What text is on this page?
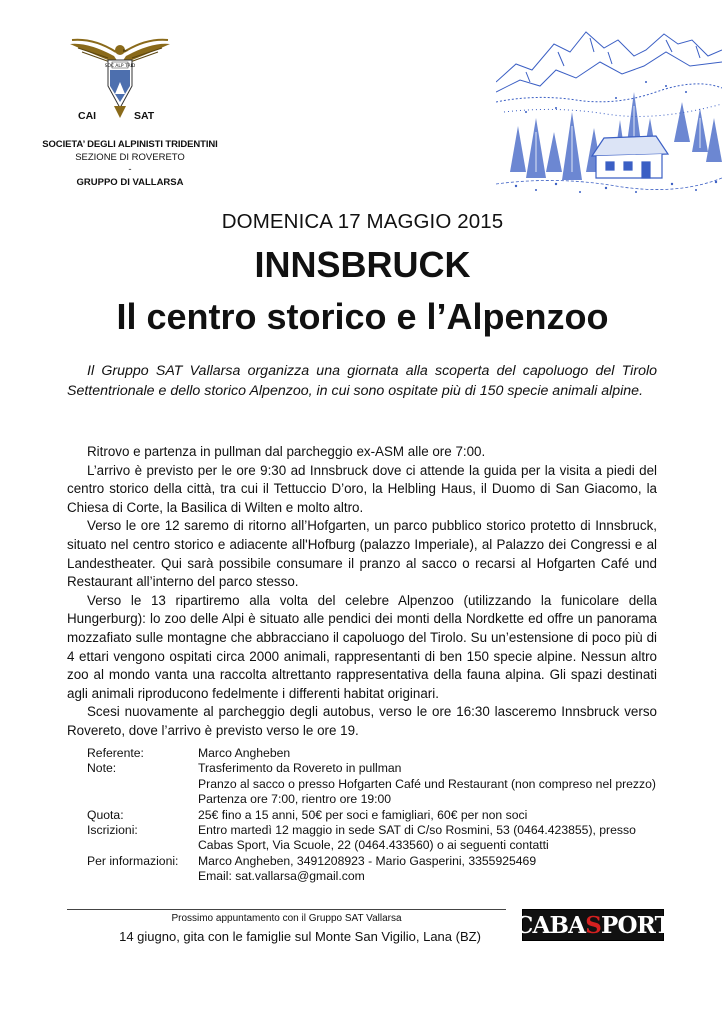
SOC ALP TRID
CAI	SAT
SOCIETA’ DEGLI ALPINISTI TRIDENTINI
SEZIONE DI ROVERETO
-
GRUPPO DI VALLARSA
DOMENICA 17 MAGGIO 2015
INNSBRUCK
Il centro storico e l’Alpenzoo

Il Gruppo SAT Vallarsa organizza una giornata alla scoperta del capoluogo del Tirolo Settentrionale e dello storico Alpenzoo, in cui sono ospitate più di 150 specie animali alpine.

Ritrovo e partenza in pullman dal parcheggio ex-ASM alle ore 7:00.

L’arrivo è previsto per le ore 9:30 ad Innsbruck dove ci attende la guida per la visita a piedi del centro storico della città, tra cui il Tettuccio D’oro, la Helbling Haus, il Duomo di San Giacomo, la Chiesa di Corte, la Basilica di Wilten e molto altro.

Verso le ore 12 saremo di ritorno all’Hofgarten, un parco pubblico storico protetto di Innsbruck, situato nel centro storico e adiacente all'Hofburg (palazzo Imperiale), al Palazzo dei Congressi e al Landestheater. Qui sarà possibile consumare il pranzo al sacco o recarsi al Hofgarten Café und Restaurant all’interno del parco stesso.

Verso le 13 ripartiremo alla volta del celebre Alpenzoo (utilizzando la funicolare della Hungerburg): lo zoo delle Alpi è situato alle pendici dei monti della Nordkette ed offre un panorama mozzafiato sulle montagne che abbracciano il capoluogo del Tirolo. Su un’estensione di poco più di 4 ettari vengono ospitati circa 2000 animali, rappresentanti di ben 150 specie alpine. Nessun altro zoo al mondo vanta una raccolta altrettanto rappresentativa della fauna alpina. Gli spazi destinati agli animali riproducono fedelmente i differenti habitat originari.

Scesi nuovamente al parcheggio degli autobus, verso le ore 16:30 lasceremo Innsbruck verso Rovereto, dove l’arrivo è previsto verso le ore 19.

Referente:	Marco Angheben
Note:	Trasferimento da Rovereto in pullman
Pranzo al sacco o presso Hofgarten Café und Restaurant (non compreso nel prezzo)
Partenza ore 7:00, rientro ore 19:00
Quota:	25€ fino a 15 anni, 50€ per soci e famigliari, 60€ per non soci
Iscrizioni:	Entro martedì 12 maggio in sede SAT di C/so Rosmini, 53 (0464.423855), presso Cabas Sport, Via Scuole, 22 (0464.433560) o ai seguenti contatti
Per informazioni:	Marco Angheben, 3491208923 - Mario Gasperini, 3355925469
Email: sat.vallarsa@gmail.com
Prossimo appuntamento con il Gruppo SAT Vallarsa
14 giugno, gita con le famiglie sul Monte San Vigilio, Lana (BZ)	CABA S PORT
